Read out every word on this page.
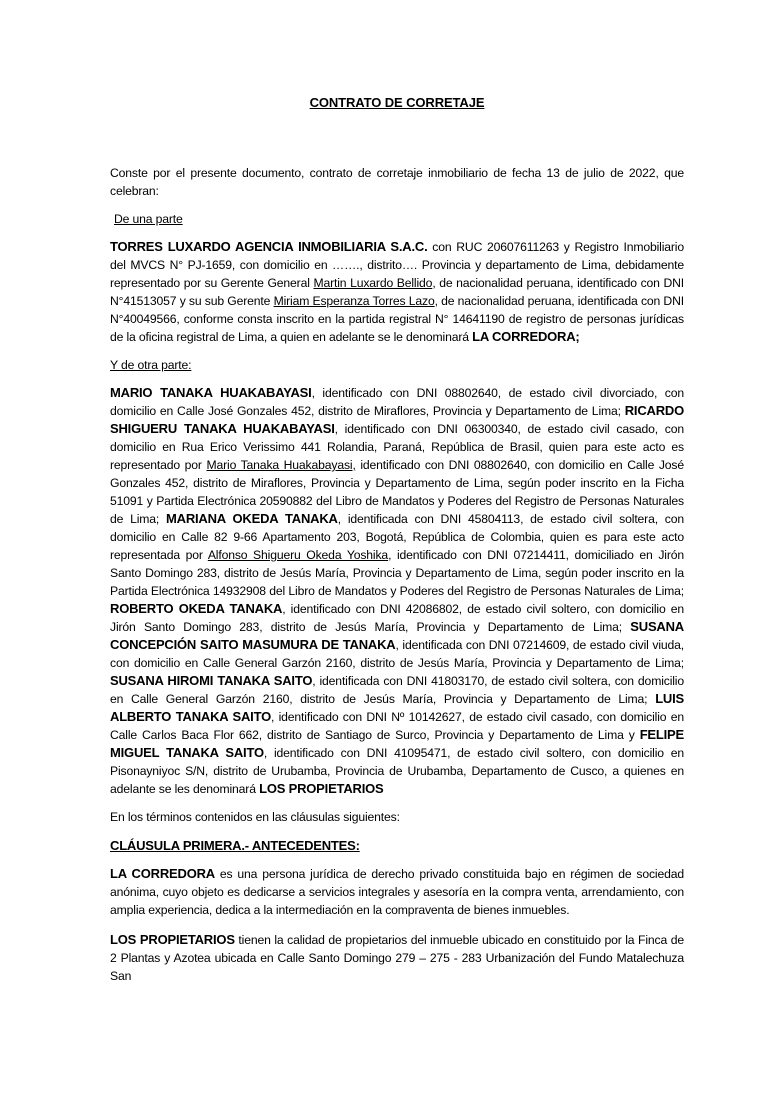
CONTRATO DE CORRETAJE

Conste por el presente documento, contrato de corretaje inmobiliario de fecha 13 de julio de 2022, que celebran:

De una parte

TORRES LUXARDO AGENCIA INMOBILIARIA S.A.C. con RUC 20607611263 y Registro Inmobiliario del MVCS N° PJ-1659, con domicilio en ……., distrito…. Provincia y departamento de Lima, debidamente representado por su Gerente General Martin Luxardo Bellido, de nacionalidad peruana, identificado con DNI N°41513057 y su sub Gerente Miriam Esperanza Torres Lazo, de nacionalidad peruana, identificada con DNI N°40049566, conforme consta inscrito en la partida registral N° 14641190 de registro de personas jurídicas de la oficina registral de Lima, a quien en adelante se le denominará LA CORREDORA;

Y de otra parte:

MARIO TANAKA HUAKABAYASI, identificado con DNI 08802640, de estado civil divorciado, con domicilio en Calle José Gonzales 452, distrito de Miraflores, Provincia y Departamento de Lima; RICARDO SHIGUERU TANAKA HUAKABAYASI, identificado con DNI 06300340, de estado civil casado, con domicilio en Rua Erico Verissimo 441 Rolandia, Paraná, República de Brasil, quien para este acto es representado por Mario Tanaka Huakabayasi, identificado con DNI 08802640, con domicilio en Calle José Gonzales 452, distrito de Miraflores, Provincia y Departamento de Lima, según poder inscrito en la Ficha 51091 y Partida Electrónica 20590882 del Libro de Mandatos y Poderes del Registro de Personas Naturales de Lima; MARIANA OKEDA TANAKA, identificada con DNI 45804113, de estado civil soltera, con domicilio en Calle 82 9-66 Apartamento 203, Bogotá, República de Colombia, quien es para este acto representada por Alfonso Shigueru Okeda Yoshika, identificado con DNI 07214411, domiciliado en Jirón Santo Domingo 283, distrito de Jesús María, Provincia y Departamento de Lima, según poder inscrito en la Partida Electrónica 14932908 del Libro de Mandatos y Poderes del Registro de Personas Naturales de Lima; ROBERTO OKEDA TANAKA, identificado con DNI 42086802, de estado civil soltero, con domicilio en Jirón Santo Domingo 283, distrito de Jesús María, Provincia y Departamento de Lima; SUSANA CONCEPCIÓN SAITO MASUMURA DE TANAKA, identificada con DNI 07214609, de estado civil viuda, con domicilio en Calle General Garzón 2160, distrito de Jesús María, Provincia y Departamento de Lima; SUSANA HIROMI TANAKA SAITO, identificada con DNI 41803170, de estado civil soltera, con domicilio en Calle General Garzón 2160, distrito de Jesús María, Provincia y Departamento de Lima; LUIS ALBERTO TANAKA SAITO, identificado con DNI Nº 10142627, de estado civil casado, con domicilio en Calle Carlos Baca Flor 662, distrito de Santiago de Surco, Provincia y Departamento de Lima y FELIPE MIGUEL TANAKA SAITO, identificado con DNI 41095471, de estado civil soltero, con domicilio en Pisonayniyoc S/N, distrito de Urubamba, Provincia de Urubamba, Departamento de Cusco, a quienes en adelante se les denominará LOS PROPIETARIOS

En los términos contenidos en las cláusulas siguientes:

CLÁUSULA PRIMERA.- ANTECEDENTES:

LA CORREDORA es una persona jurídica de derecho privado constituida bajo en régimen de sociedad anónima, cuyo objeto es dedicarse a servicios integrales y asesoría en la compra venta, arrendamiento, con amplia experiencia, dedica a la intermediación en la compraventa de bienes inmuebles.

LOS PROPIETARIOS tienen la calidad de propietarios del inmueble ubicado en constituido por la Finca de 2 Plantas y Azotea ubicada en Calle Santo Domingo 279 – 275 - 283 Urbanización del Fundo Matalechuza San
